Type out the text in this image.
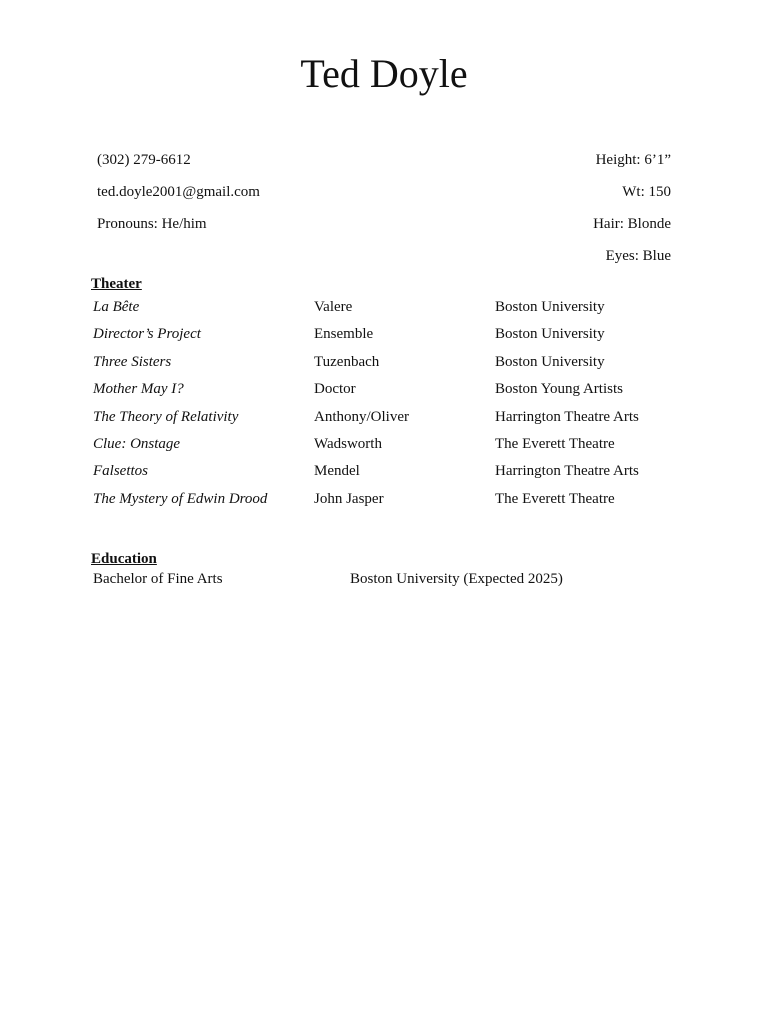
Ted Doyle
(302) 279-6612
ted.doyle2001@gmail.com
Pronouns: He/him
Height: 6’1”
Wt: 150
Hair: Blonde
Eyes: Blue
Theater
La Bête	Valere	Boston University
Director’s Project	Ensemble	Boston University
Three Sisters	Tuzenbach	Boston University
Mother May I?	Doctor	Boston Young Artists
The Theory of Relativity	Anthony/Oliver	Harrington Theatre Arts
Clue: Onstage	Wadsworth	The Everett Theatre
Falsettos	Mendel	Harrington Theatre Arts
The Mystery of Edwin Drood	John Jasper	The Everett Theatre
Education
Bachelor of Fine Arts	Boston University (Expected 2025)
